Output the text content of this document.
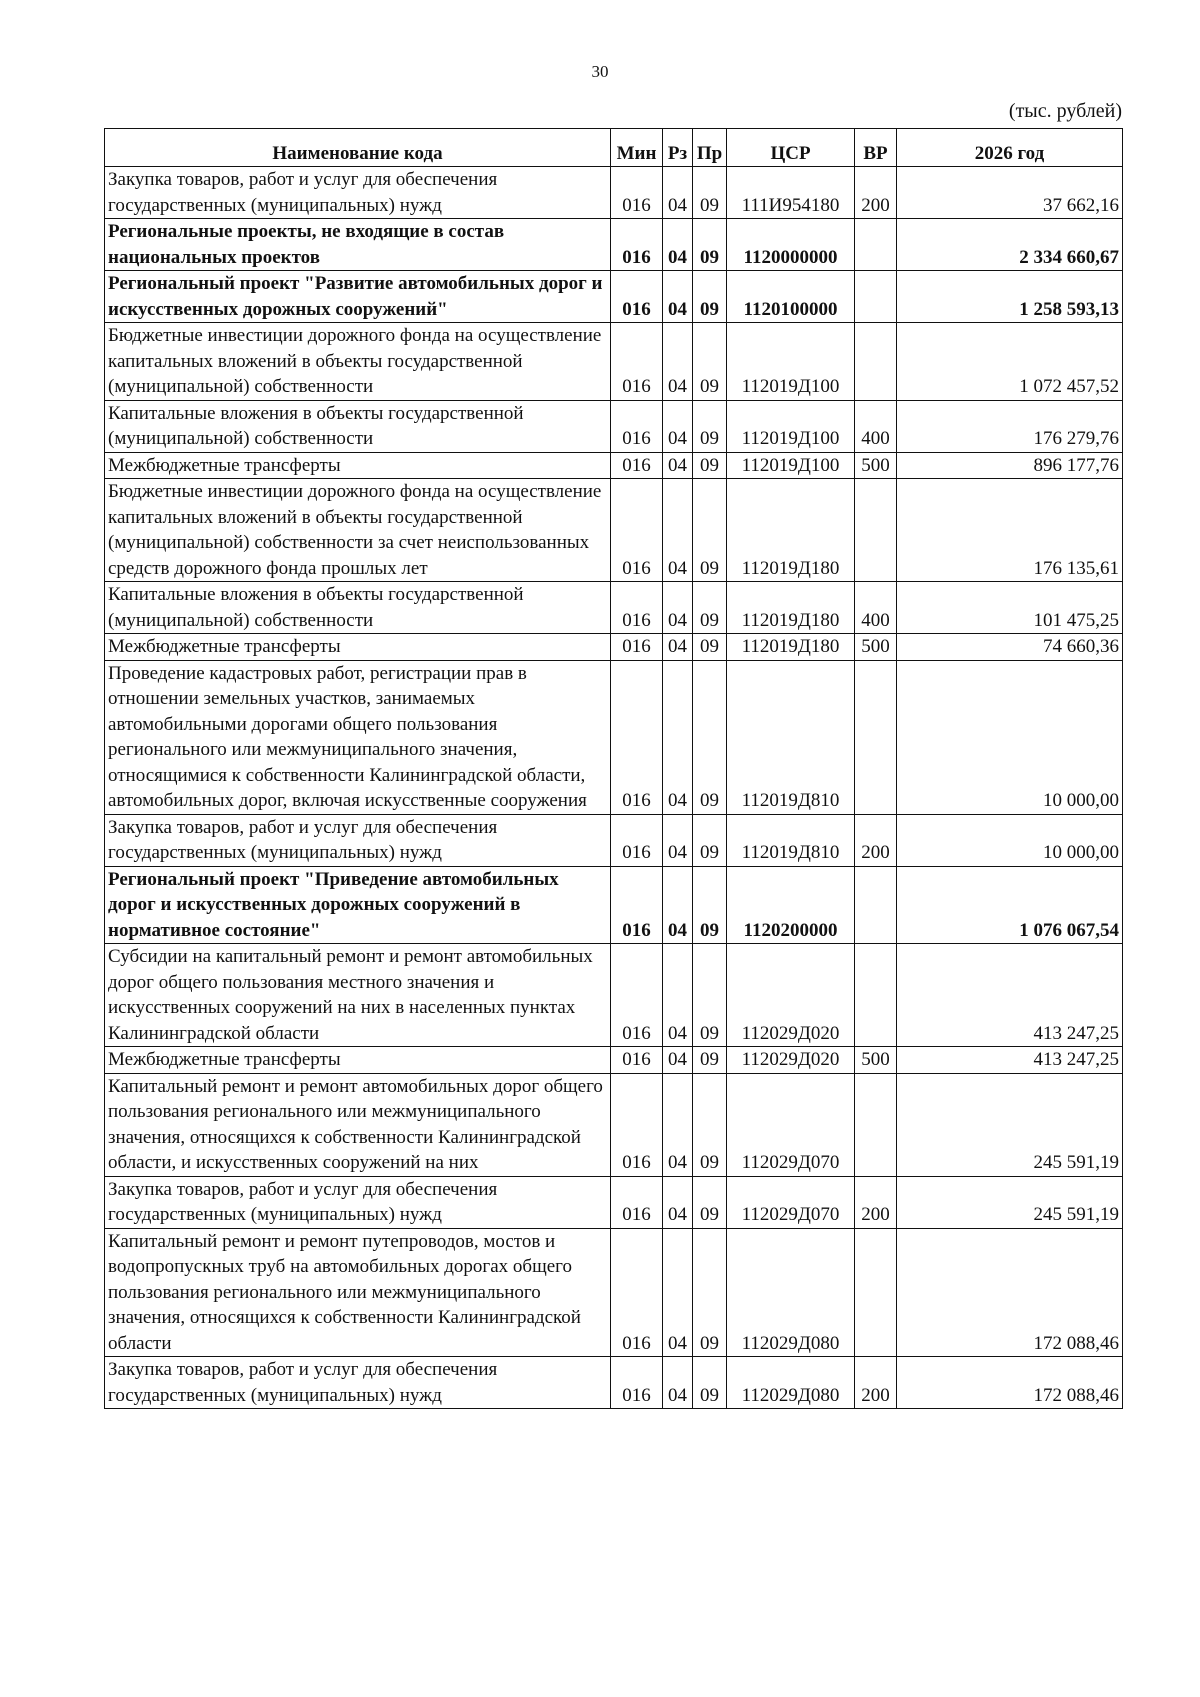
30
(тыс. рублей)
Наименование кода	Мин	Рз	Пр	ЦСР	ВР	2026 год
Закупка товаров, работ и услуг для обеспечения государственных (муниципальных) нужд	016	04	09	111И954180	200	37 662,16
Региональные проекты, не входящие в состав национальных проектов	016	04	09	1120000000		2 334 660,67
Региональный проект "Развитие автомобильных дорог и искусственных дорожных сооружений"	016	04	09	1120100000		1 258 593,13
Бюджетные инвестиции дорожного фонда на осуществление капитальных вложений в объекты государственной (муниципальной) собственности	016	04	09	112019Д100		1 072 457,52
Капитальные вложения в объекты государственной (муниципальной) собственности	016	04	09	112019Д100	400	176 279,76
Межбюджетные трансферты	016	04	09	112019Д100	500	896 177,76
Бюджетные инвестиции дорожного фонда на осуществление капитальных вложений в объекты государственной (муниципальной) собственности за счет неиспользованных средств дорожного фонда прошлых лет	016	04	09	112019Д180		176 135,61
Капитальные вложения в объекты государственной (муниципальной) собственности	016	04	09	112019Д180	400	101 475,25
Межбюджетные трансферты	016	04	09	112019Д180	500	74 660,36
Проведение кадастровых работ, регистрации прав в отношении земельных участков, занимаемых автомобильными дорогами общего пользования регионального или межмуниципального значения, относящимися к собственности Калининградской области, автомобильных дорог, включая искусственные сооружения	016	04	09	112019Д810		10 000,00
Закупка товаров, работ и услуг для обеспечения государственных (муниципальных) нужд	016	04	09	112019Д810	200	10 000,00
Региональный проект "Приведение автомобильных дорог и искусственных дорожных сооружений в нормативное состояние"	016	04	09	1120200000		1 076 067,54
Субсидии на капитальный ремонт и ремонт автомобильных дорог общего пользования местного значения и искусственных сооружений на них в населенных пунктах Калининградской области	016	04	09	112029Д020		413 247,25
Межбюджетные трансферты	016	04	09	112029Д020	500	413 247,25
Капитальный ремонт и ремонт автомобильных дорог общего пользования регионального или межмуниципального значения, относящихся к собственности Калининградской области, и искусственных сооружений на них	016	04	09	112029Д070		245 591,19
Закупка товаров, работ и услуг для обеспечения государственных (муниципальных) нужд	016	04	09	112029Д070	200	245 591,19
Капитальный ремонт и ремонт путепроводов, мостов и водопропускных труб на автомобильных дорогах общего пользования регионального или межмуниципального значения, относящихся к собственности Калининградской области	016	04	09	112029Д080		172 088,46
Закупка товаров, работ и услуг для обеспечения государственных (муниципальных) нужд	016	04	09	112029Д080	200	172 088,46
